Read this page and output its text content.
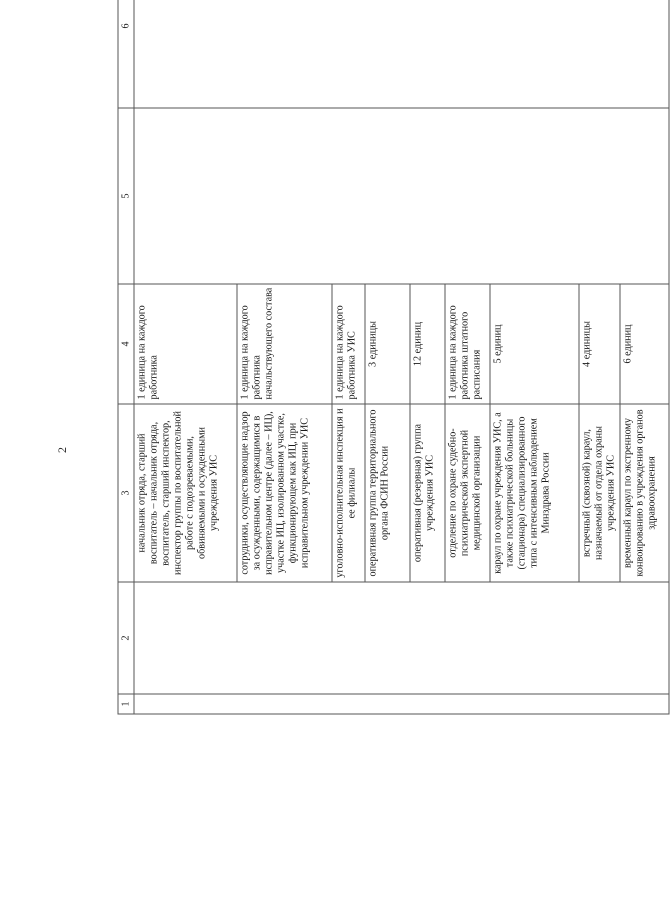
2
1	2	3	4	5	6
		начальник отряда, старший воспитатель – начальник отряда, воспитатель, старший инспектор, инспектор группы по воспитательной работе с подозреваемыми, обвиняемыми и осужденными учреждения УИС	1 единица на каждого работника		
		сотрудники, осуществляющие надзор за осужденными, содержащимися в исправительном центре (далее – ИЦ), участке ИЦ, изолированном участке, функционирующем как ИЦ, при исправительном учреждении УИС	1 единица на каждого работника начальствующего состава		
		уголовно-исполнительная инспекция и ее филиалы	1 единица на каждого работника УИС		
		оперативная группа территориального органа ФСИН России	3 единицы		
		оперативная (резервная) группа учреждения УИС	12 единиц		
		отделение по охране судебно-психиатрической экспертной медицинской организации	1 единица на каждого работника штатного расписания		
		караул по охране учреждения УИС, а также психиатрической больницы (стационара) специализированного типа с интенсивным наблюдением Минздрава России	5 единиц		
		встречный (сквозной) караул, назначаемый от отдела охраны учреждения УИС	4 единицы		
		временный караул по экстренному конвоированию в учреждения органов здравоохранения	6 единиц		
